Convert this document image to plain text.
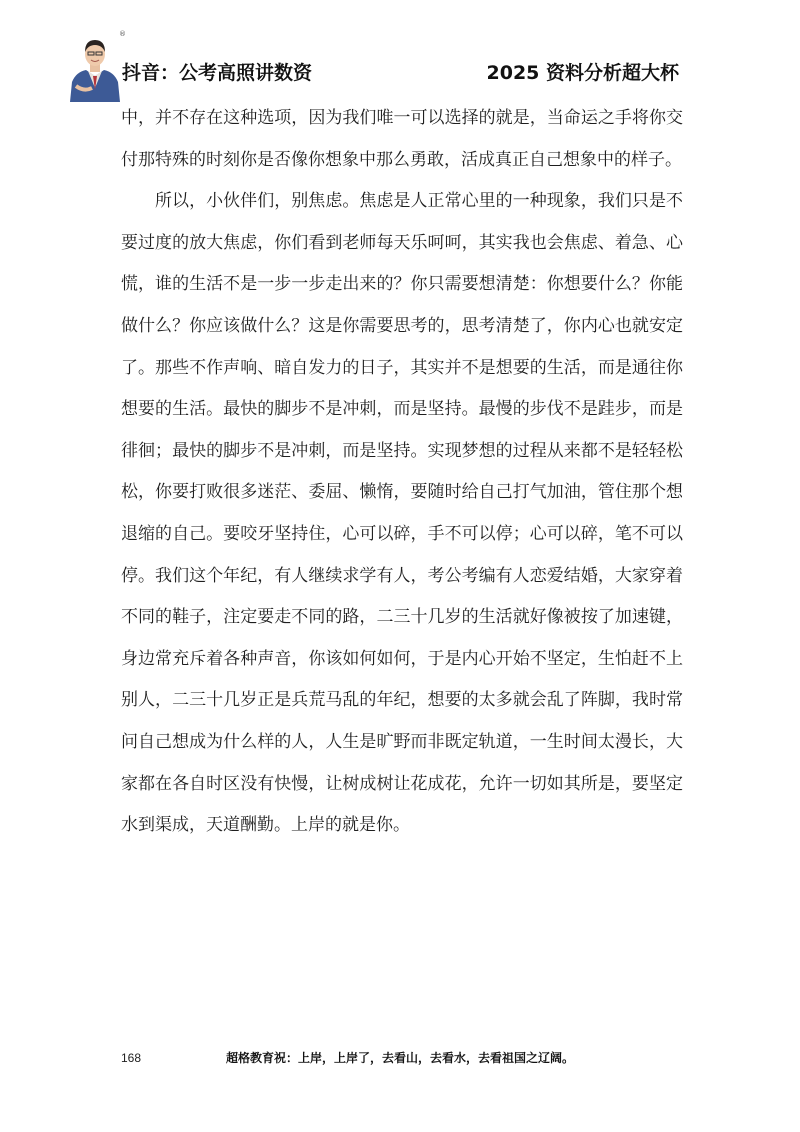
®
抖音：公考高照讲数资	2025 资料分析超大杯

中，并不存在这种选项，因为我们唯一可以选择的就是，当命运之手将你交付那特殊的时刻你是否像你想象中那么勇敢，活成真正自己想象中的样子。

所以，小伙伴们，别焦虑。焦虑是人正常心里的一种现象，我们只是不要过度的放大焦虑，你们看到老师每天乐呵呵，其实我也会焦虑、着急、心慌，谁的生活不是一步一步走出来的？你只需要想清楚：你想要什么？你能做什么？你应该做什么？这是你需要思考的，思考清楚了，你内心也就安定了。那些不作声响、暗自发力的日子，其实并不是想要的生活，而是通往你想要的生活。最快的脚步不是冲刺，而是坚持。最慢的步伐不是跬步，而是徘徊；最快的脚步不是冲刺，而是坚持。实现梦想的过程从来都不是轻轻松松，你要打败很多迷茫、委屈、懒惰，要随时给自己打气加油，管住那个想退缩的自己。要咬牙坚持住，心可以碎，手不可以停；心可以碎，笔不可以停。我们这个年纪，有人继续求学有人，考公考编有人恋爱结婚，大家穿着不同的鞋子，注定要走不同的路，二三十几岁的生活就好像被按了加速键，身边常充斥着各种声音，你该如何如何，于是内心开始不坚定，生怕赶不上别人，二三十几岁正是兵荒马乱的年纪，想要的太多就会乱了阵脚，我时常问自己想成为什么样的人，人生是旷野而非既定轨道，一生时间太漫长，大家都在各自时区没有快慢，让树成树让花成花，允许一切如其所是，要坚定水到渠成，天道酬勤。上岸的就是你。

168	超格教育祝：上岸，上岸了，去看山，去看水，去看祖国之辽阔。
